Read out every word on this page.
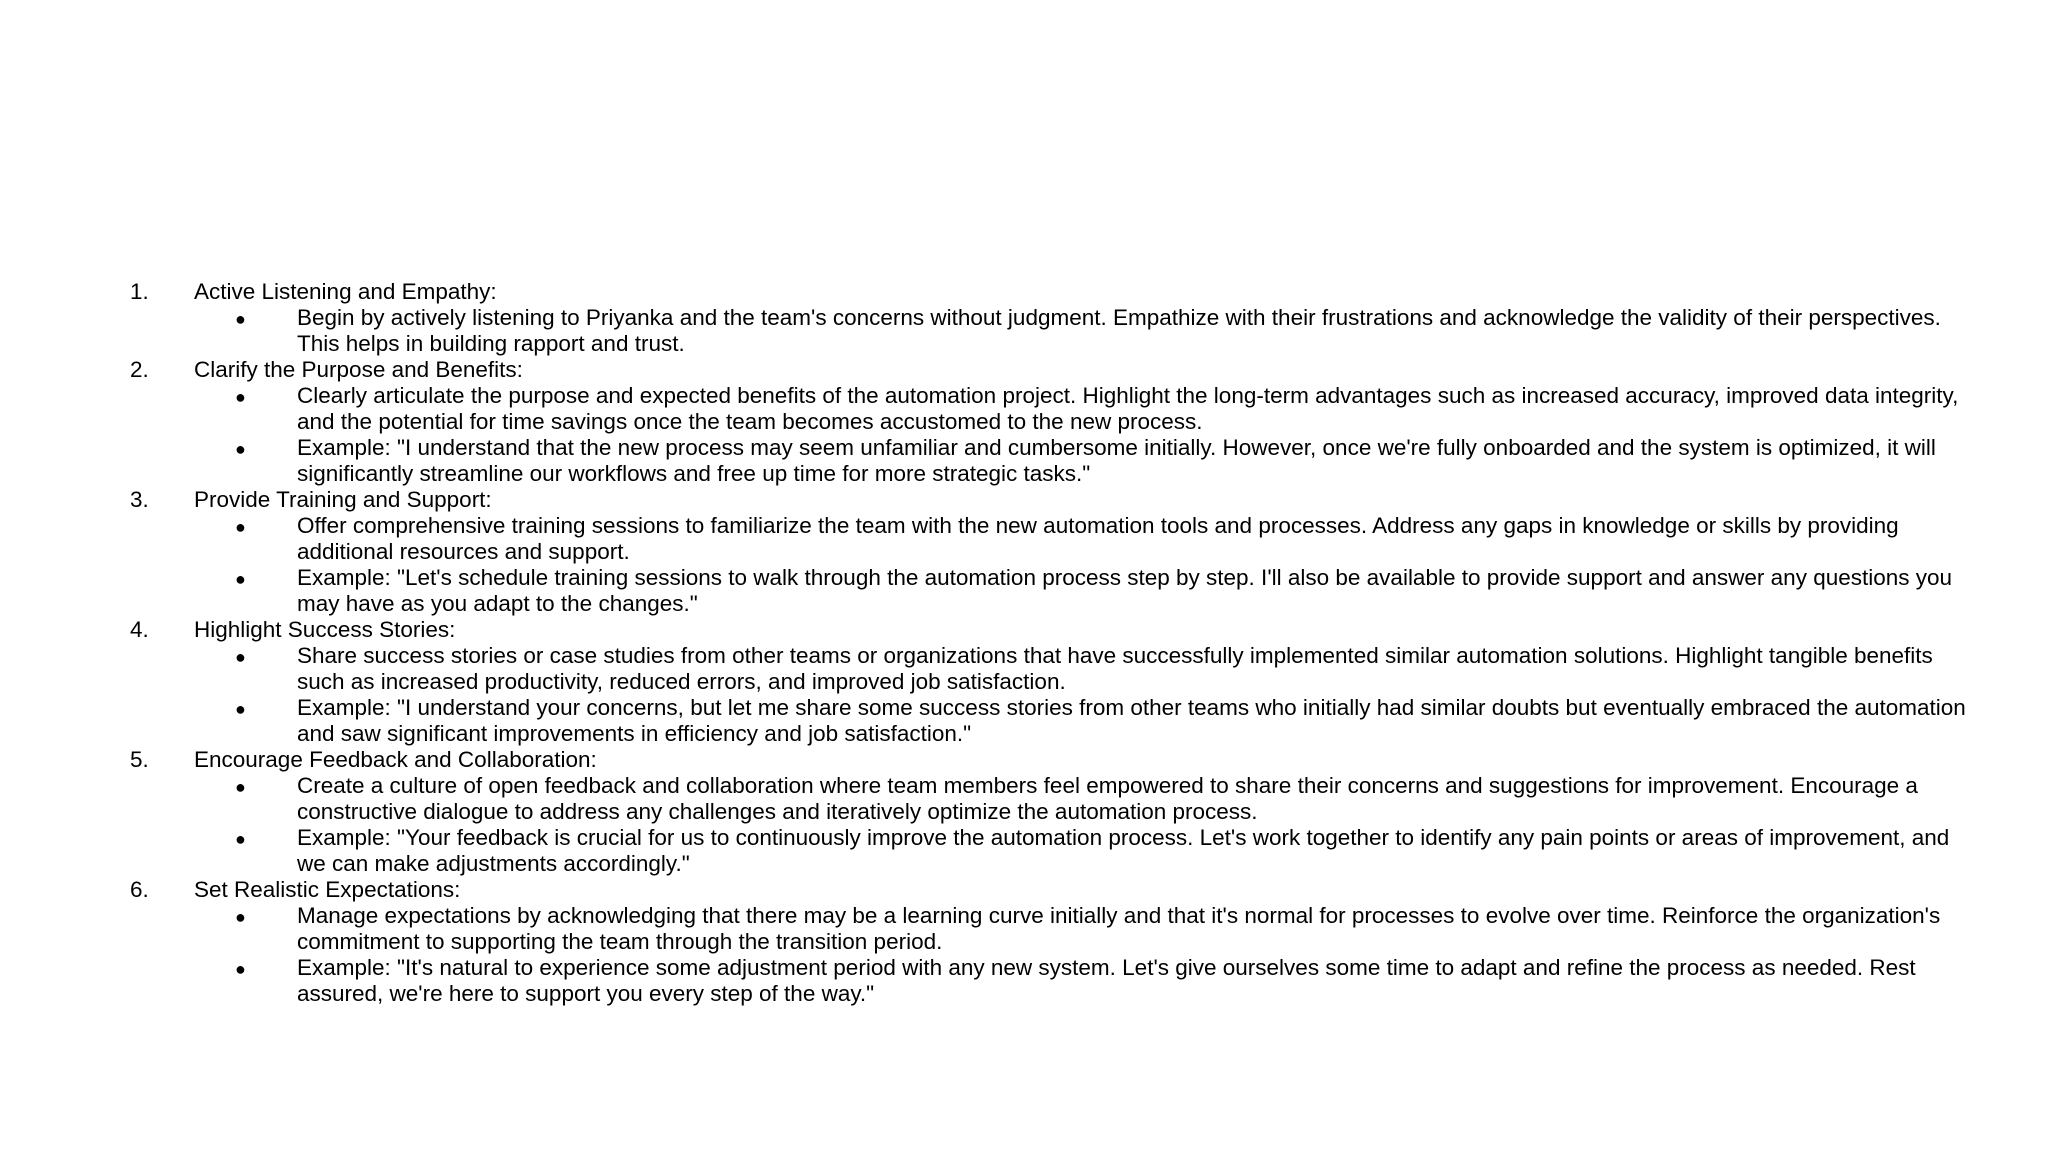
1.	Active Listening and Empathy:
●	Begin by actively listening to Priyanka and the team's concerns without judgment. Empathize with their frustrations and acknowledge the validity of their perspectives. This helps in building rapport and trust.
2.	Clarify the Purpose and Benefits:
●	Clearly articulate the purpose and expected benefits of the automation project. Highlight the long-term advantages such as increased accuracy, improved data integrity, and the potential for time savings once the team becomes accustomed to the new process.
●	Example: "I understand that the new process may seem unfamiliar and cumbersome initially. However, once we're fully onboarded and the system is optimized, it will significantly streamline our workflows and free up time for more strategic tasks."
3.	Provide Training and Support:
●	Offer comprehensive training sessions to familiarize the team with the new automation tools and processes. Address any gaps in knowledge or skills by providing additional resources and support.
●	Example: "Let's schedule training sessions to walk through the automation process step by step. I'll also be available to provide support and answer any questions you may have as you adapt to the changes."
4.	Highlight Success Stories:
●	Share success stories or case studies from other teams or organizations that have successfully implemented similar automation solutions. Highlight tangible benefits such as increased productivity, reduced errors, and improved job satisfaction.
●	Example: "I understand your concerns, but let me share some success stories from other teams who initially had similar doubts but eventually embraced the automation and saw significant improvements in efficiency and job satisfaction."
5.	Encourage Feedback and Collaboration:
●	Create a culture of open feedback and collaboration where team members feel empowered to share their concerns and suggestions for improvement. Encourage a constructive dialogue to address any challenges and iteratively optimize the automation process.
●	Example: "Your feedback is crucial for us to continuously improve the automation process. Let's work together to identify any pain points or areas of improvement, and we can make adjustments accordingly."
6.	Set Realistic Expectations:
●	Manage expectations by acknowledging that there may be a learning curve initially and that it's normal for processes to evolve over time. Reinforce the organization's commitment to supporting the team through the transition period.
●	Example: "It's natural to experience some adjustment period with any new system. Let's give ourselves some time to adapt and refine the process as needed. Rest assured, we're here to support you every step of the way."
